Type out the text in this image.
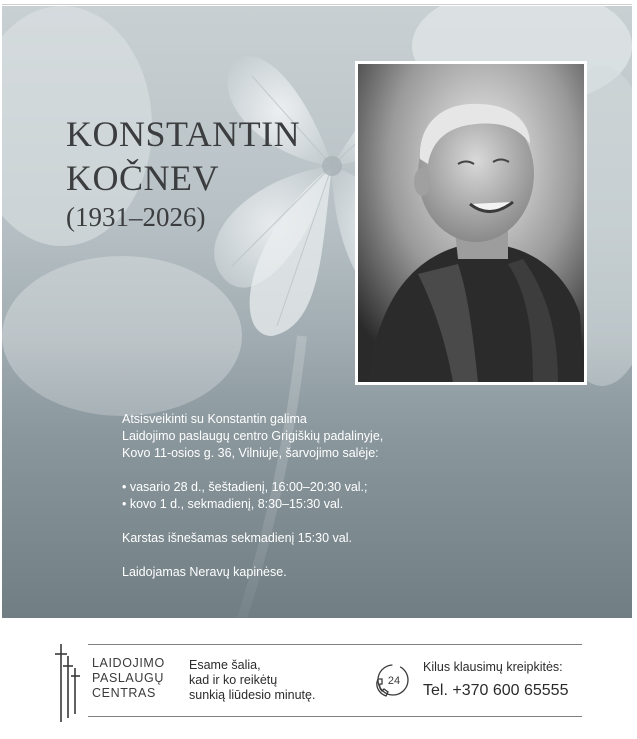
KONSTANTIN
KOČNEV
(1931–2026)

Atsisveikinti su Konstantin galima

Laidojimo paslaugų centro Grigiškių padalinyje,

Kovo 11-osios g. 36, Vilniuje, šarvojimo salėje:

• vasario 28 d., šeštadienį, 16:00–20:30 val.;

• kovo 1 d., sekmadienį, 8:30–15:30 val.

Karstas išnešamas sekmadienį 15:30 val.

Laidojamas Neravų kapinėse.

LAIDOJIMO
PASLAUGŲ
CENTRAS
Esame šalia,
kad ir ko reikėtų
sunkią liūdesio minutę.
24
Kilus klausimų kreipkitės:
Tel. +370 600 65555
